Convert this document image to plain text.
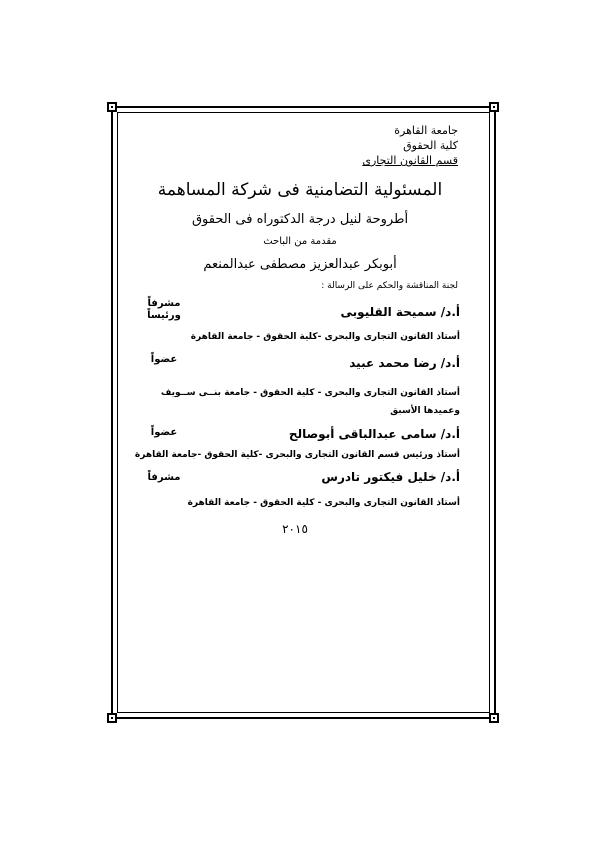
جامعة القاهرة
كلية الحقوق
قسم القانون التجارى
المسئولية التضامنية فى شركة المساهمة
أطروحة لنيل درجة الدكتوراه فى الحقوق
مقدمة من الباحث
أبوبكر عبدالعزيز مصطفى عبدالمنعم
لجنة المناقشة والحكم على الرسالة :
أ.د/ سميحة القليوبى
مشرفاً ورئيساً
أستاذ القانون التجارى والبحرى -كلية الحقوق - جامعة القاهرة
أ.د/ رضا محمد عبيد
عضواً
أستاذ القانون التجارى والبحرى - كلية الحقوق - جامعة بنــى ســويف
وعميدها الأسبق
أ.د/ سامى عبدالباقى أبوصالح
عضواً
أستاذ ورئيس قسم القانون التجارى والبحرى -كلية الحقوق -جامعة القاهرة
أ.د/ خليل فيكتور تادرس
مشرفاً
أستاذ القانون التجارى والبحرى - كلية الحقوق - جامعة القاهرة
٢٠١٥
